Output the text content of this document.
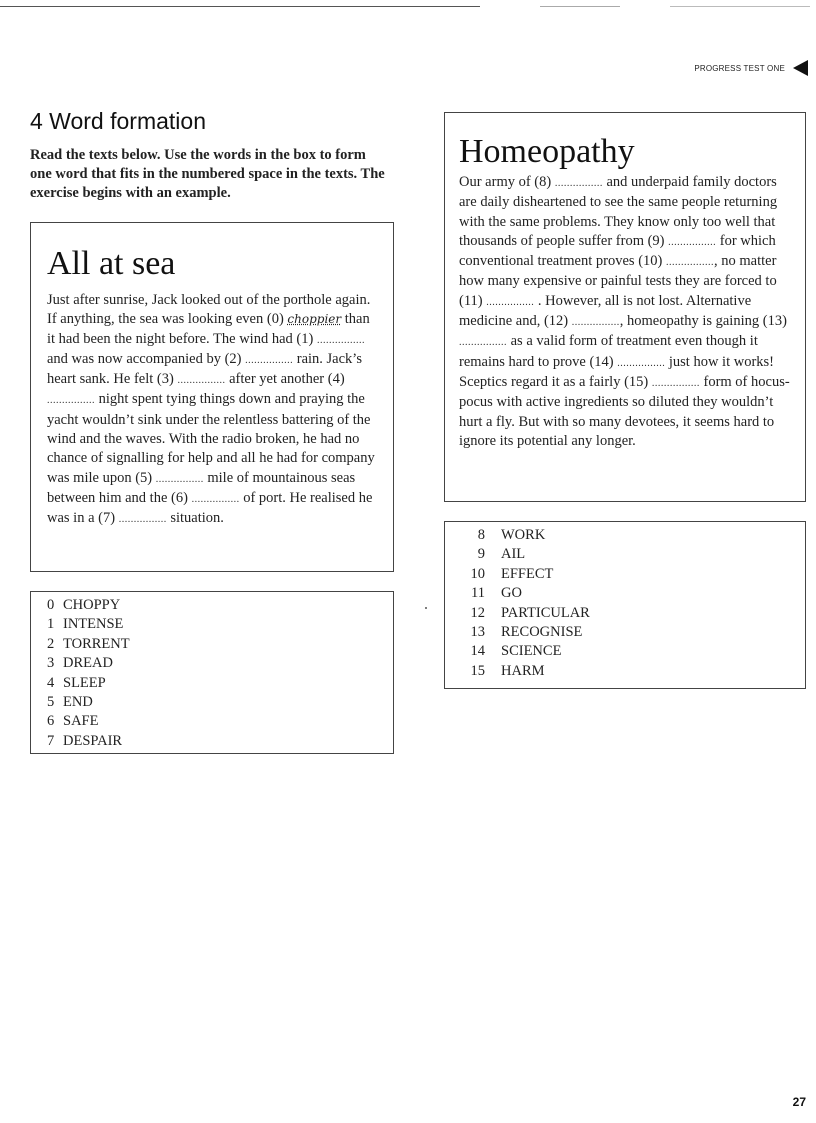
PROGRESS TEST ONE
4 Word formation

Read the texts below. Use the words in the box to form one word that fits in the numbered space in the texts. The exercise begins with an example.

All at sea

Just after sunrise, Jack looked out of the porthole again. If anything, the sea was looking even (0) choppier than it had been the night before. The wind had (1) ................ and was now accompanied by (2) ................ rain. Jack’s heart sank. He felt (3) ................ after yet another (4) ................ night spent tying things down and praying the yacht wouldn’t sink under the relentless battering of the wind and the waves. With the radio broken, he had no chance of signalling for help and all he had for company was mile upon (5) ................ mile of mountainous seas between him and the (6) ................ of port. He realised he was in a (7) ................ situation.

0 CHOPPY
1 INTENSE
2 TORRENT
3 DREAD
4 SLEEP
5 END
6 SAFE
7 DESPAIR
Homeopathy

Our army of (8) ................ and underpaid family doctors are daily disheartened to see the same people returning with the same problems. They know only too well that thousands of people suffer from (9) ................ for which conventional treatment proves (10) ................, no matter how many expensive or painful tests they are forced to (11) ................ . However, all is not lost. Alternative medicine and, (12) ................, homeopathy is gaining (13) ................ as a valid form of treatment even though it remains hard to prove (14) ................ just how it works! Sceptics regard it as a fairly (15) ................ form of hocus-pocus with active ingredients so diluted they wouldn’t hurt a fly. But with so many devotees, it seems hard to ignore its potential any longer.

8 WORK
9 AIL
10 EFFECT
11 GO
12 PARTICULAR
13 RECOGNISE
14 SCIENCE
15 HARM
27
